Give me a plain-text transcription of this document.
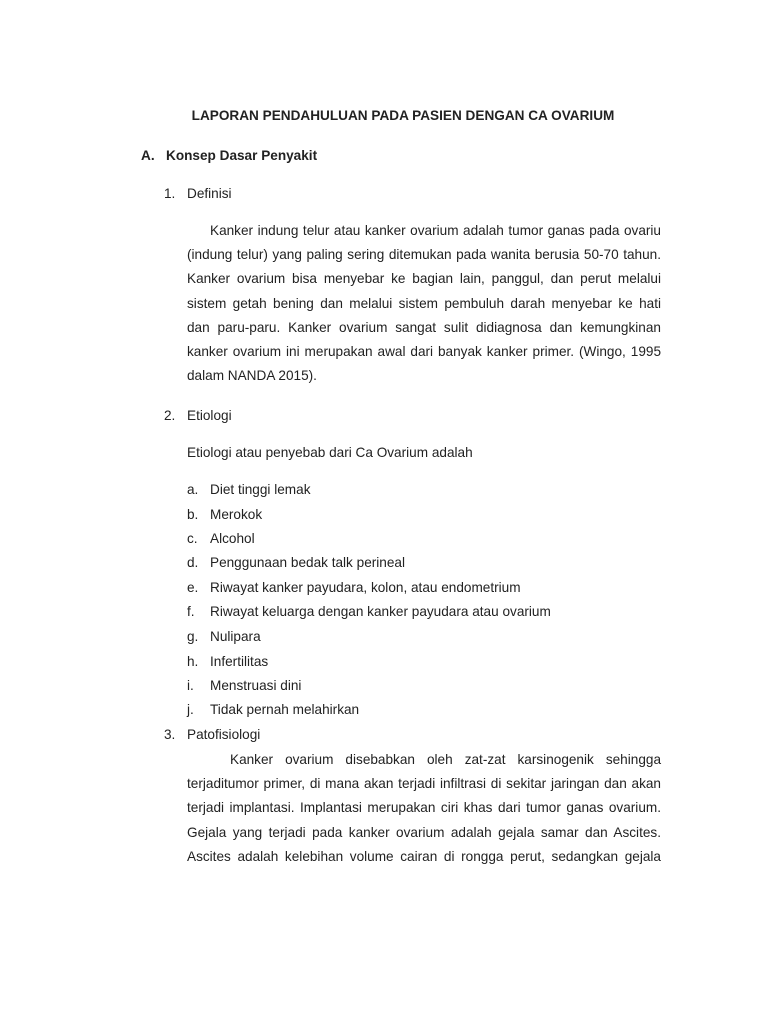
LAPORAN PENDAHULUAN PADA PASIEN DENGAN CA OVARIUM
A. Konsep Dasar Penyakit
1. Definisi
Kanker indung telur atau kanker ovarium adalah tumor ganas pada ovariu
(indung telur) yang paling sering ditemukan pada wanita berusia 50-70 tahun.
Kanker ovarium bisa menyebar ke bagian lain, panggul, dan perut melalui
sistem getah bening dan melalui sistem pembuluh darah menyebar ke hati
dan paru-paru. Kanker ovarium sangat sulit didiagnosa dan kemungkinan
kanker ovarium ini merupakan awal dari banyak kanker primer. (Wingo, 1995
dalam NANDA 2015).
2. Etiologi
Etiologi atau penyebab dari Ca Ovarium adalah
a. Diet tinggi lemak
b. Merokok
c. Alcohol
d. Penggunaan bedak talk perineal
e. Riwayat kanker payudara, kolon, atau endometrium
f. Riwayat keluarga dengan kanker payudara atau ovarium
g. Nulipara
h. Infertilitas
i. Menstruasi dini
j. Tidak pernah melahirkan
3. Patofisiologi
Kanker ovarium disebabkan oleh zat-zat karsinogenik sehingga
terjaditumor primer, di mana akan terjadi infiltrasi di sekitar jaringan dan akan
terjadi implantasi. Implantasi merupakan ciri khas dari tumor ganas ovarium.
Gejala yang terjadi pada kanker ovarium adalah gejala samar dan Ascites.
Ascites adalah kelebihan volume cairan di rongga perut, sedangkan gejala
